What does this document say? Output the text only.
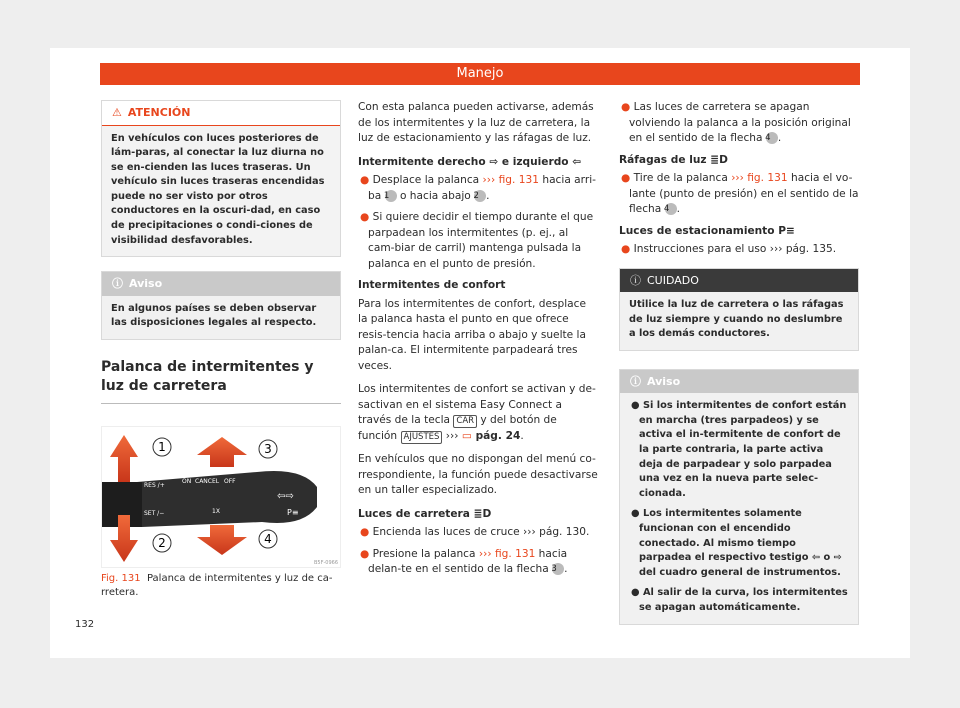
Manejo
⚠ ATENCIÓN
En vehículos con luces posteriores de lám-paras, al conectar la luz diurna no se en-cienden las luces traseras. Un vehículo sin luces traseras encendidas puede no ser visto por otros conductores en la oscuri-dad, en caso de precipitaciones o condi-ciones de visibilidad desfavorables.
ⓘ Aviso
En algunos países se deben observar las disposiciones legales al respecto.
Palanca de intermitentes y luz de carretera
1
2
3
4
RES /+
ON CANCEL OFF
SET /−	1X
⇦⇨
P≡
B5F-0966
Fig. 131 Palanca de intermitentes y luz de ca-rretera.

Con esta palanca pueden activarse, además de los intermitentes y la luz de carretera, la luz de estacionamiento y las ráfagas de luz.

Intermitente derecho ⇨ e izquierdo ⇦
● Desplace la palanca ››› fig. 131 hacia arri-ba 1 o hacia abajo 2 .
● Si quiere decidir el tiempo durante el que parpadean los intermitentes (p. ej., al cam-biar de carril) mantenga pulsada la palanca en el punto de presión.
Intermitentes de confort

Para los intermitentes de confort, desplace la palanca hasta el punto en que ofrece resis-tencia hacia arriba o abajo y suelte la palan-ca. El intermitente parpadeará tres veces.

Los intermitentes de confort se activan y de-sactivan en el sistema Easy Connect a través de la tecla CAR y del botón de función AJUSTES ››› ▭ pág. 24.

En vehículos que no dispongan del menú co-rrespondiente, la función puede desactivarse en un taller especializado.

Luces de carretera ≣D
● Encienda las luces de cruce ››› pág. 130.
● Presione la palanca ››› fig. 131 hacia delan-te en el sentido de la flecha 3 .
● Las luces de carretera se apagan volviendo la palanca a la posición original en el sentido de la flecha 4 .
Ráfagas de luz ≣D
● Tire de la palanca ››› fig. 131 hacia el vo-lante (punto de presión) en el sentido de la flecha 4 .
Luces de estacionamiento P≡
● Instrucciones para el uso ››› pág. 135.
ⓘ CUIDADO
Utilice la luz de carretera o las ráfagas de luz siempre y cuando no deslumbre a los demás conductores.
ⓘ Aviso
● Si los intermitentes de confort están en marcha (tres parpadeos) y se activa el in-termitente de confort de la parte contraria, la parte activa deja de parpadear y solo parpadea una vez en la nueva parte selec-cionada.
● Los intermitentes solamente funcionan con el encendido conectado. Al mismo tiempo parpadea el respectivo testigo ⇦ o ⇨ del cuadro general de instrumentos.
● Al salir de la curva, los intermitentes se apagan automáticamente.
132
